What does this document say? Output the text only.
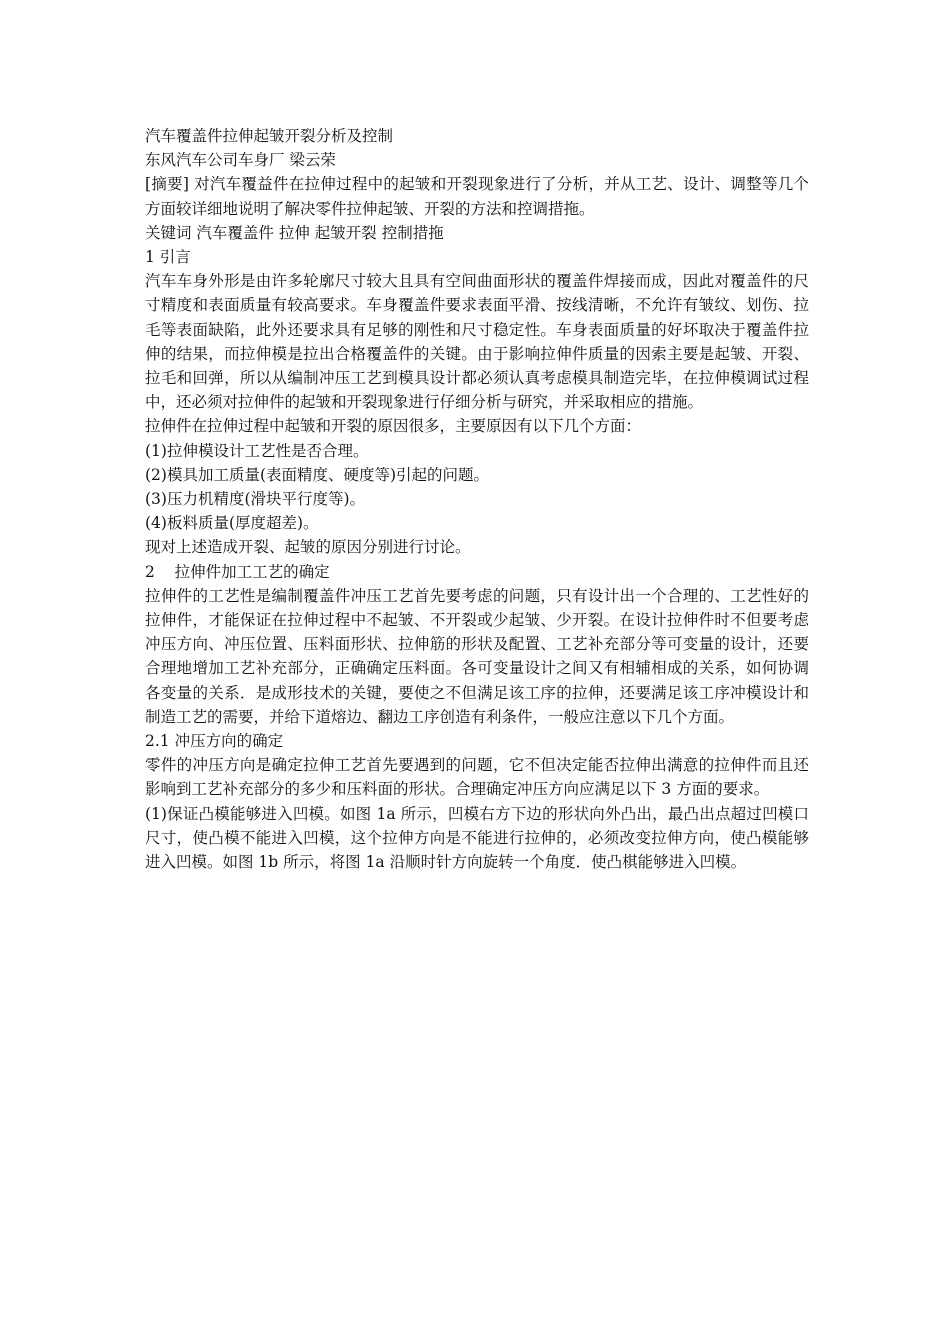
汽车覆盖件拉伸起皱开裂分析及控制

东风汽车公司车身厂 梁云荣

[摘要] 对汽车覆益件在拉伸过程中的起皱和开裂现象进行了分析，并从工艺、设计、调整等几个方面较详细地说明了解决零件拉伸起皱、开裂的方法和控调措拖。

关键词 汽车覆盖件 拉伸 起皱开裂 控制措拖

1 引言

汽车车身外形是由许多轮廓尺寸较大且具有空间曲面形状的覆盖件焊接而成，因此对覆盖件的尺寸精度和表面质量有较高要求。车身覆盖件要求表面平滑、按线清晰，不允许有皱纹、划伤、拉毛等表面缺陷，此外还要求具有足够的刚性和尺寸稳定性。车身表面质量的好坏取决于覆盖件拉伸的结果，而拉伸模是拉出合格覆盖件的关键。由于影响拉伸件质量的因索主要是起皱、开裂、拉毛和回弹，所以从编制冲压工艺到模具设计都必须认真考虑模具制造完毕，在拉伸模调试过程中，还必须对拉伸件的起皱和开裂现象进行仔细分析与研究，并采取相应的措施。

拉伸件在拉伸过程中起皱和开裂的原因很多，主要原因有以下几个方面：

(1)拉伸模设计工艺性是否合理。

(2)模具加工质量(表面精度、硬度等)引起的问题。

(3)压力机精度(滑块平行度等)。

(4)板料质量(厚度超差)。

现对上述造成开裂、起皱的原因分别进行讨论。

2    拉伸件加工工艺的确定

拉伸件的工艺性是编制覆盖件冲压工艺首先要考虑的问题，只有设计出一个合理的、工艺性好的拉伸件，才能保证在拉伸过程中不起皱、不开裂或少起皱、少开裂。在设计拉伸件时不但要考虑冲压方向、冲压位置、压料面形状、拉伸筋的形状及配置、工艺补充部分等可变量的设计，还要合理地增加工艺补充部分，正确确定压料面。各可变量设计之间又有相辅相成的关系，如何协调各变量的关系．是成形技术的关键，要使之不但满足该工序的拉伸，还要满足该工序冲模设计和制造工艺的需要，并给下道熔边、翻边工序创造有利条件，一般应注意以下几个方面。

2.1 冲压方向的确定

零件的冲压方向是确定拉伸工艺首先要遇到的问题，它不但决定能否拉伸出满意的拉伸件而且还影响到工艺补充部分的多少和压料面的形状。合理确定冲压方向应满足以下 3 方面的要求。

(1)保证凸模能够进入凹模。如图 1a 所示，凹模右方下边的形状向外凸出，最凸出点超过凹模口尺寸，使凸模不能进入凹模，这个拉伸方向是不能进行拉伸的，必须改变拉伸方向，使凸模能够进入凹模。如图 1b 所示，将图 1a 沿顺时针方向旋转一个角度．使凸棋能够进入凹模。
